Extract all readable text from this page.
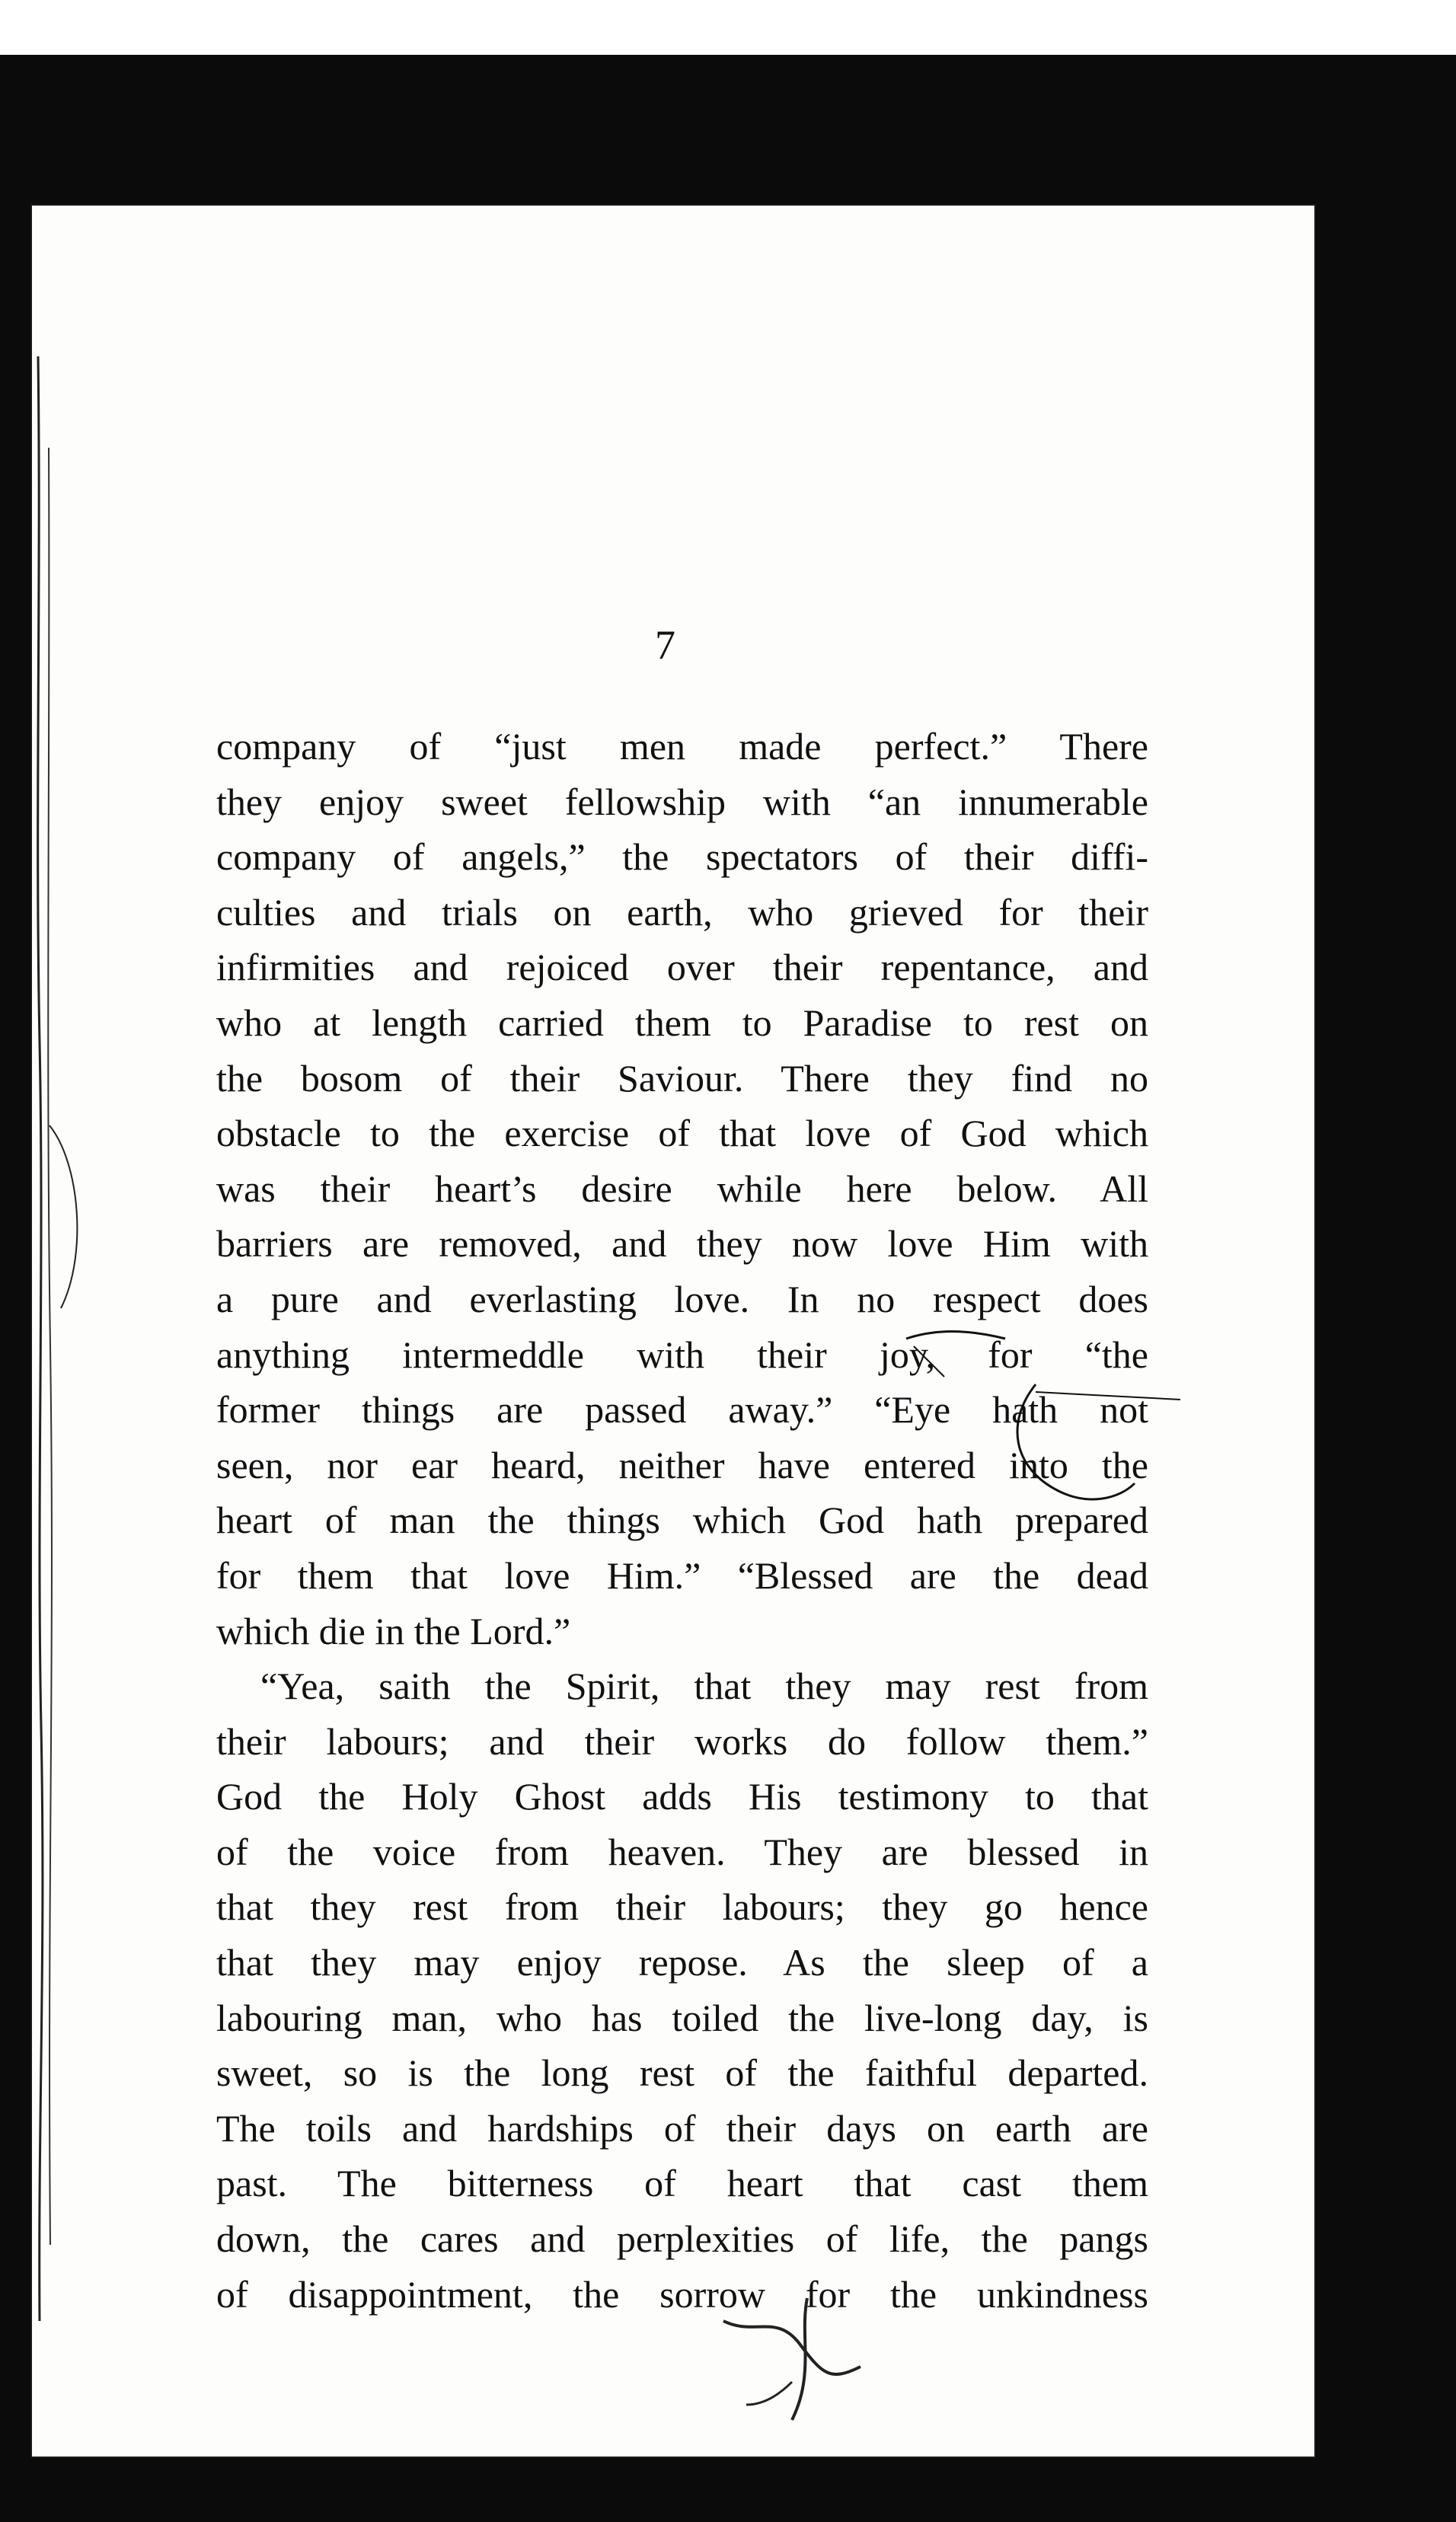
7
company of “just men made perfect.” There
they enjoy sweet fellowship with “an innumerable
company of angels,” the spectators of their diffi-
culties and trials on earth, who grieved for their
infirmities and rejoiced over their repentance, and
who at length carried them to Paradise to rest on
the bosom of their Saviour. There they find no
obstacle to the exercise of that love of God which
was their heart’s desire while here below. All
barriers are removed, and they now love Him with
a pure and everlasting love. In no respect does
anything intermeddle with their joy, for “the
former things are passed away.” “Eye hath not
seen, nor ear heard, neither have entered into the
heart of man the things which God hath prepared
for them that love Him.” “Blessed are the dead
which die in the Lord.”
“Yea, saith the Spirit, that they may rest from
their labours; and their works do follow them.”
God the Holy Ghost adds His testimony to that
of the voice from heaven. They are blessed in
that they rest from their labours; they go hence
that they may enjoy repose. As the sleep of a
labouring man, who has toiled the live-long day, is
sweet, so is the long rest of the faithful departed.
The toils and hardships of their days on earth are
past. The bitterness of heart that cast them
down, the cares and perplexities of life, the pangs
of disappointment, the sorrow for the unkindness
